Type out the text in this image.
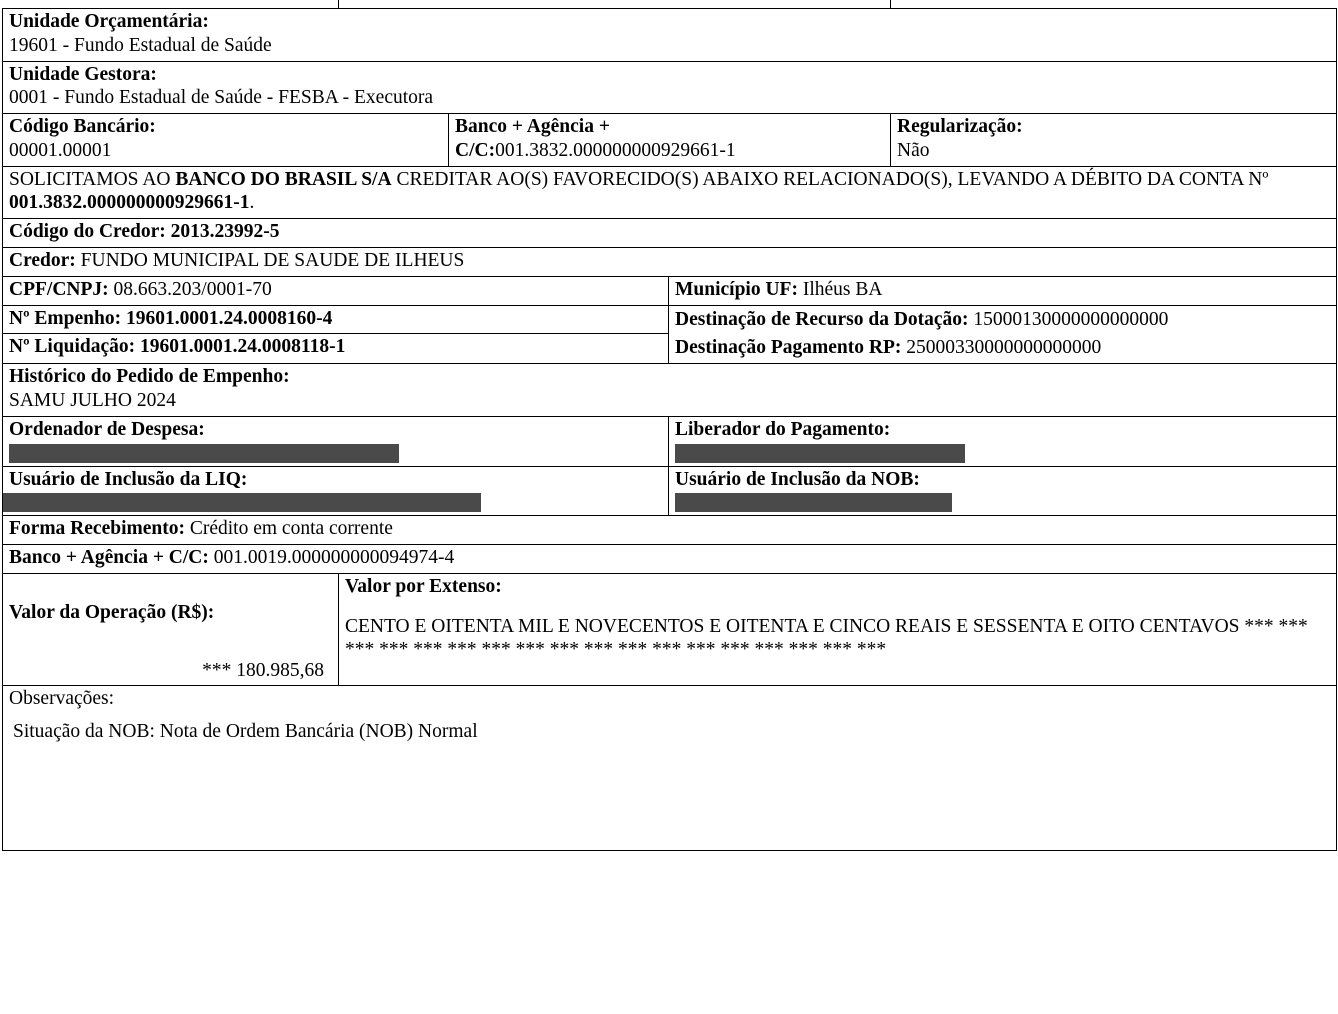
Unidade Orçamentária:
19601 - Fundo Estadual de Saúde

Unidade Gestora:
0001 - Fundo Estadual de Saúde - FESBA - Executora

Código Bancário:
00001.00001

Banco + Agência +
C/C:001.3832.000000000929661-1

Regularização:
Não

SOLICITAMOS AO BANCO DO BRASIL S/A CREDITAR AO(S) FAVORECIDO(S) ABAIXO RELACIONADO(S), LEVANDO A DÉBITO DA CONTA Nº 001.3832.000000000929661-1.
Código do Credor: 2013.23992-5
Credor: FUNDO MUNICIPAL DE SAUDE DE ILHEUS
CPF/CNPJ: 08.663.203/0001-70	Município UF: Ilhéus BA

Nº Empenho: 19601.0001.24.0008160-4
Nº Liquidação: 19601.0001.24.0008118-1

Destinação de Recurso da Dotação: 15000130000000000000
Destinação Pagamento RP: 25000330000000000000

Histórico do Pedido de Empenho:
SAMU JULHO 2024

Ordenador de Despesa:	Liberador do Pagamento:

Usuário de Inclusão da LIQ:	Usuário de Inclusão da NOB:

Forma Recebimento: Crédito em conta corrente
Banco + Agência + C/C: 001.0019.000000000094974-4

Valor da Operação (R$):
*** 180.985,68

Valor por Extenso:
CENTO E OITENTA MIL E NOVECENTOS E OITENTA E CINCO REAIS E SESSENTA E OITO CENTAVOS *** *** *** *** *** *** *** *** *** *** *** *** *** *** *** *** *** ***

Observações:
Situação da NOB: Nota de Ordem Bancária (NOB) Normal
